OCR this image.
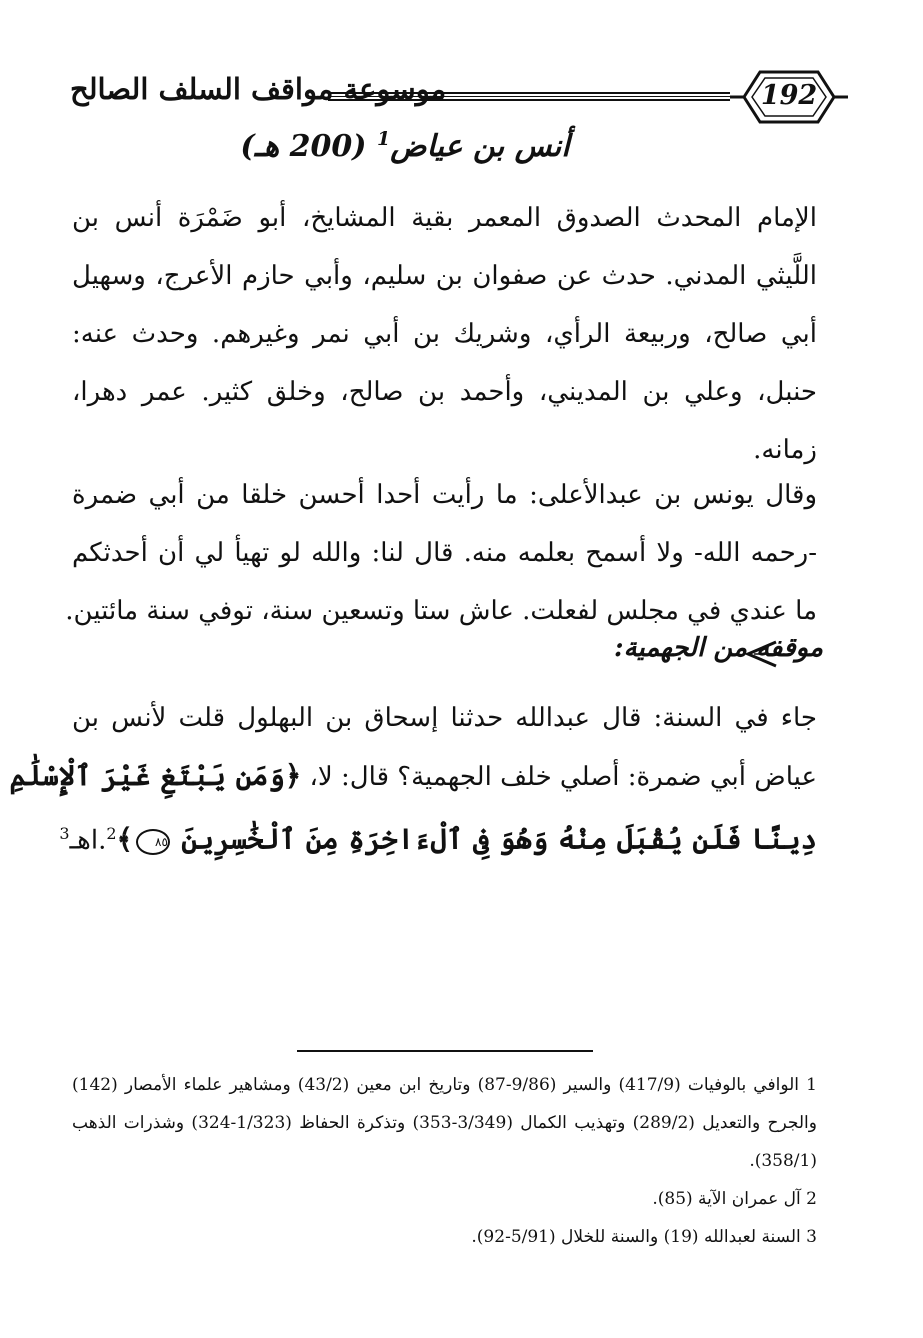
موسوعة مواقف السلف الصالح	192
أنس بن عياض$^1$ (200 هـ)
الإمام المحدث الصدوق المعمر بقية المشايخ، أبو ضَمْرَة أنس بن
اللَّيثي المدني. حدث عن صفوان بن سليم، وأبي حازم الأعرج، وسهيل
أبي صالح، وربيعة الرأي، وشريك بن أبي نمر وغيرهم. وحدث عنه:
حنبل، وعلي بن المديني، وأحمد بن صالح، وخلق كثير. عمر دهرا،
زمانه.
وقال يونس بن عبدالأعلى: ما رأيت أحدا أحسن خلقا من أبي ضمرة
-رحمه الله- ولا أسمح بعلمه منه. قال لنا: والله لو تهيأ لي أن أحدثكم
ما عندي في مجلس لفعلت. عاش ستا وتسعين سنة، توفي سنة مائتين.
موقفه من الجهمية:
جاء في السنة: قال عبدالله حدثنا إسحاق بن البهلول قلت لأنس بن
عياض أبي ضمرة: أصلي خلف الجهمية؟ قال: لا، ﴿وَمَن يَبْتَغِ غَيْرَ ٱلْإِسْلَٰمِ
دِينًا فَلَن يُقْبَلَ مِنْهُ وَهُوَ فِى ٱلْءَاخِرَةِ مِنَ ٱلْخَٰسِرِينَ ٨٥﴾$^2$.اهـ$^3$
1 الوافي بالوفيات (417/9) والسير (9/86-87) وتاريخ ابن معين (43/2) ومشاهير علماء الأمصار (142)
والجرح والتعديل (289/2) وتهذيب الكمال (3/349-353) وتذكرة الحفاظ (1/323-324) وشذرات الذهب
(358/1).
2 آل عمران الآية (85).
3 السنة لعبدالله (19) والسنة للخلال (5/91-92).
